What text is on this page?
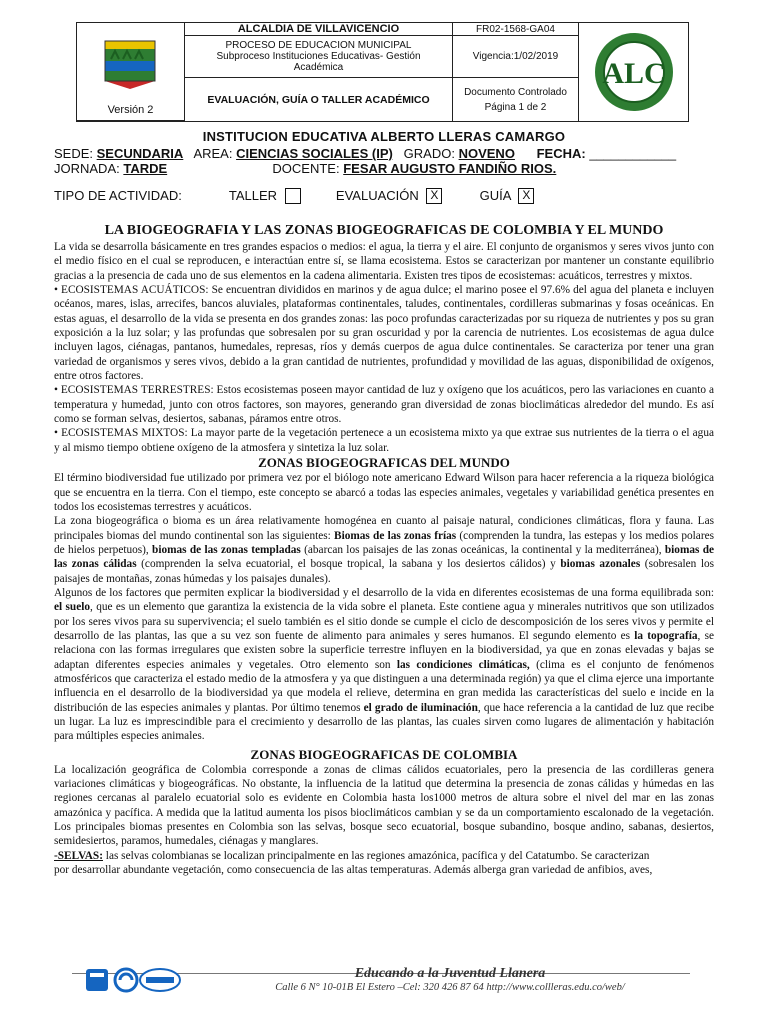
Versión 2
ALCALDIA DE VILLAVICENCIO
PROCESO DE EDUCACION MUNICIPAL
Subproceso Instituciones Educativas- Gestión Académica
EVALUACIÓN, GUÍA O TALLER ACADÉMICO
FR02-1568-GA04
Vigencia:1/02/2019
Documento Controlado
Página 1 de 2
ALC
INSTITUCION EDUCATIVA ALBERTO LLERAS CAMARGO
SEDE: SECUNDARIA AREA: CIENCIAS SOCIALES (IP) GRADO: NOVENO FECHA: ____________
JORNADA: TARDE	DOCENTE: FESAR AUGUSTO FANDIÑO RIOS.
TIPO DE ACTIVIDAD:	TALLER	EVALUACIÓN X	GUÍA X
LA BIOGEOGRAFIA Y LAS ZONAS BIOGEOGRAFICAS DE COLOMBIA Y EL MUNDO

La vida se desarrolla básicamente en tres grandes espacios o medios: el agua, la tierra y el aire. El conjunto de organismos y seres vivos junto con el medio físico en el cual se reproducen, e interactúan entre sí, se llama ecosistema. Estos se caracterizan por mantener un constante equilibrio gracias a la presencia de cada uno de sus elementos en la cadena alimentaria. Existen tres tipos de ecosistemas: acuáticos, terrestres y mixtos.

• ECOSISTEMAS ACUÁTICOS: Se encuentran divididos en marinos y de agua dulce; el marino posee el 97.6% del agua del planeta e incluyen océanos, mares, islas, arrecifes, bancos aluviales, plataformas continentales, taludes, continentales, cordilleras submarinas y fosas oceánicas. En estas aguas, el desarrollo de la vida se presenta en dos grandes zonas: las poco profundas caracterizadas por su riqueza de nutrientes y pos su gran exposición a la luz solar; y las profundas que sobresalen por su gran oscuridad y por la carencia de nutrientes. Los ecosistemas de agua dulce incluyen lagos, ciénagas, pantanos, humedales, represas, ríos y demás cuerpos de agua dulce continentales. Se caracteriza por tener una gran variedad de organismos y seres vivos, debido a la gran cantidad de nutrientes, profundidad y movilidad de las aguas, disponibilidad de oxígenos, entre otros factores.

• ECOSISTEMAS TERRESTRES: Estos ecosistemas poseen mayor cantidad de luz y oxígeno que los acuáticos, pero las variaciones en cuanto a temperatura y humedad, junto con otros factores, son mayores, generando gran diversidad de zonas bioclimáticas alrededor del mundo. Es así como se forman selvas, desiertos, sabanas, páramos entre otros.

• ECOSISTEMAS MIXTOS: La mayor parte de la vegetación pertenece a un ecosistema mixto ya que extrae sus nutrientes de la tierra o el agua y al mismo tiempo obtiene oxígeno de la atmosfera y sintetiza la luz solar.

ZONAS BIOGEOGRAFICAS DEL MUNDO

El término biodiversidad fue utilizado por primera vez por el biólogo note americano Edward Wilson para hacer referencia a la riqueza biológica que se encuentra en la tierra. Con el tiempo, este concepto se abarcó a todas las especies animales, vegetales y variabilidad genética presentes en todos los ecosistemas terrestres y acuáticos.

La zona biogeográfica o bioma es un área relativamente homogénea en cuanto al paisaje natural, condiciones climáticas, flora y fauna. Las principales biomas del mundo continental son las siguientes: Biomas de las zonas frías (comprenden la tundra, las estepas y los medios polares de hielos perpetuos), biomas de las zonas templadas (abarcan los paisajes de las zonas oceánicas, la continental y la mediterránea), biomas de las zonas cálidas (comprenden la selva ecuatorial, el bosque tropical, la sabana y los desiertos cálidos) y biomas azonales (sobresalen los paisajes de montañas, zonas húmedas y los paisajes dunales).

Algunos de los factores que permiten explicar la biodiversidad y el desarrollo de la vida en diferentes ecosistemas de una forma equilibrada son: el suelo, que es un elemento que garantiza la existencia de la vida sobre el planeta. Este contiene agua y minerales nutritivos que son utilizados por los seres vivos para su supervivencia; el suelo también es el sitio donde se cumple el ciclo de descomposición de los seres vivos y permite el desarrollo de las plantas, las que a su vez son fuente de alimento para animales y seres humanos. El segundo elemento es la topografía, se relaciona con las formas irregulares que existen sobre la superficie terrestre influyen en la biodiversidad, ya que en zonas elevadas y bajas se adaptan diferentes especies animales y vegetales. Otro elemento son las condiciones climáticas, (clima es el conjunto de fenómenos atmosféricos que caracteriza el estado medio de la atmosfera y ya que distinguen a una determinada región) ya que el clima ejerce una importante influencia en el desarrollo de la biodiversidad ya que modela el relieve, determina en gran medida las características del suelo e incide en la distribución de las especies animales y plantas. Por último tenemos el grado de iluminación, que hace referencia a la cantidad de luz que recibe un lugar. La luz es imprescindible para el crecimiento y desarrollo de las plantas, las cuales sirven como lugares de alimentación y habitación para múltiples especies animales.

ZONAS BIOGEOGRAFICAS DE COLOMBIA

La localización geográfica de Colombia corresponde a zonas de climas cálidos ecuatoriales, pero la presencia de las cordilleras genera variaciones climáticas y biogeográficas. No obstante, la influencia de la latitud que determina la presencia de zonas cálidas y húmedas en las regiones cercanas al paralelo ecuatorial solo es evidente en Colombia hasta los1000 metros de altura sobre el nivel del mar en las zonas amazónica y pacífica. A medida que la latitud aumenta los pisos bioclimáticos cambian y se da un comportamiento escalonado de la vegetación. Los principales biomas presentes en Colombia son las selvas, bosque seco ecuatorial, bosque subandino, bosque andino, sabanas, desiertos, semidesiertos, paramos, humedales, ciénagas y manglares.

-SELVAS: las selvas colombianas se localizan principalmente en las regiones amazónica, pacífica y del Catatumbo. Se caracterizan

por desarrollar abundante vegetación, como consecuencia de las altas temperaturas. Además alberga gran variedad de anfibios, aves,

Educando a la Juventud Llanera
Calle 6 N° 10-01B El Estero –Cel: 320 426 87 64 http://www.collleras.edu.co/web/
